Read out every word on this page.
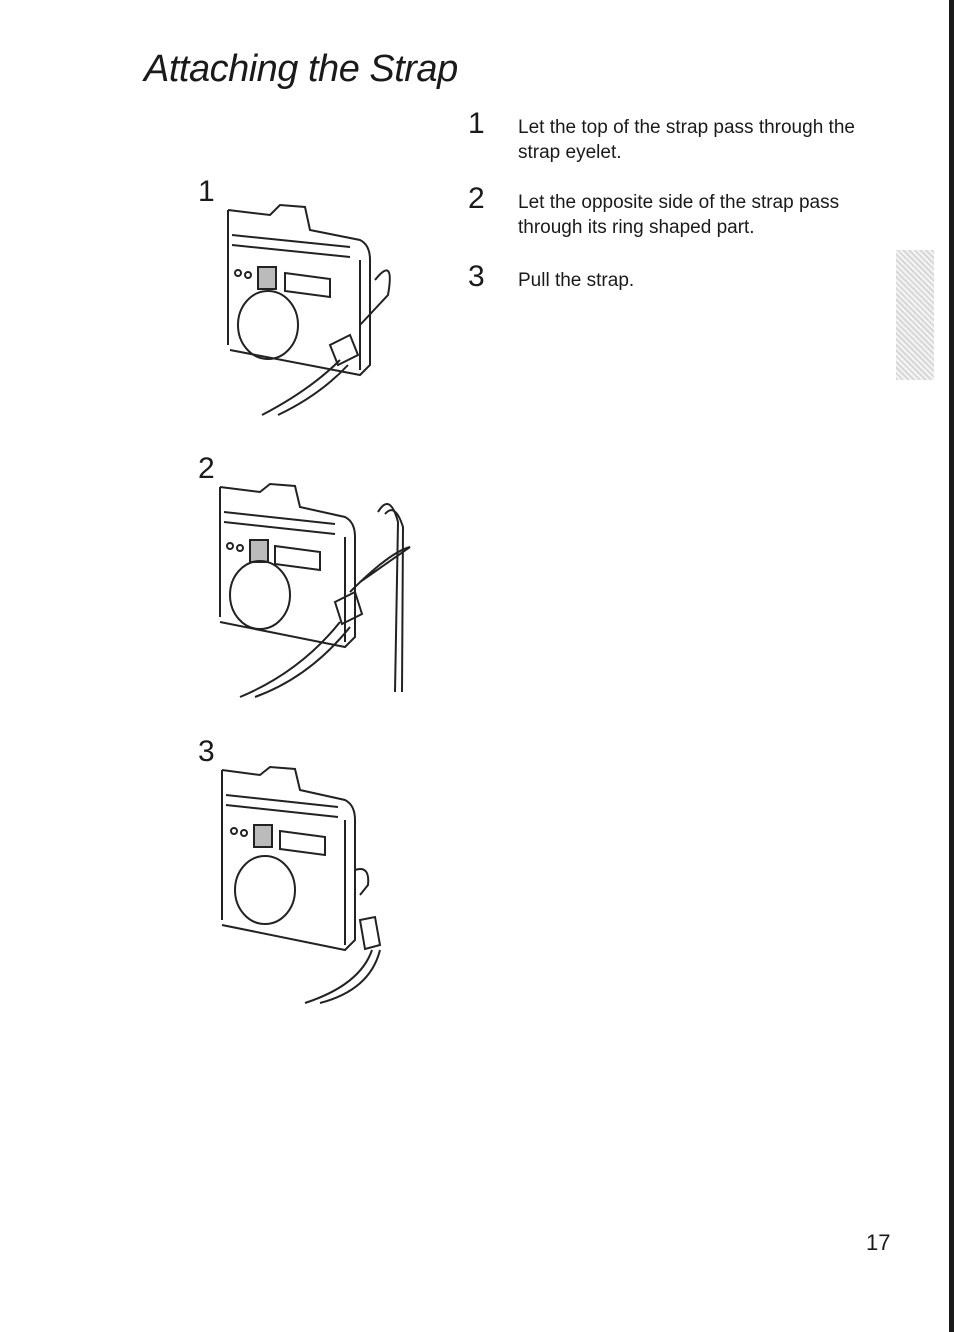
Attaching the Strap
1 Let the top of the strap pass through the strap eyelet.
2 Let the opposite side of the strap pass through its ring shaped part.
3 Pull the strap.
1
2
3
17
